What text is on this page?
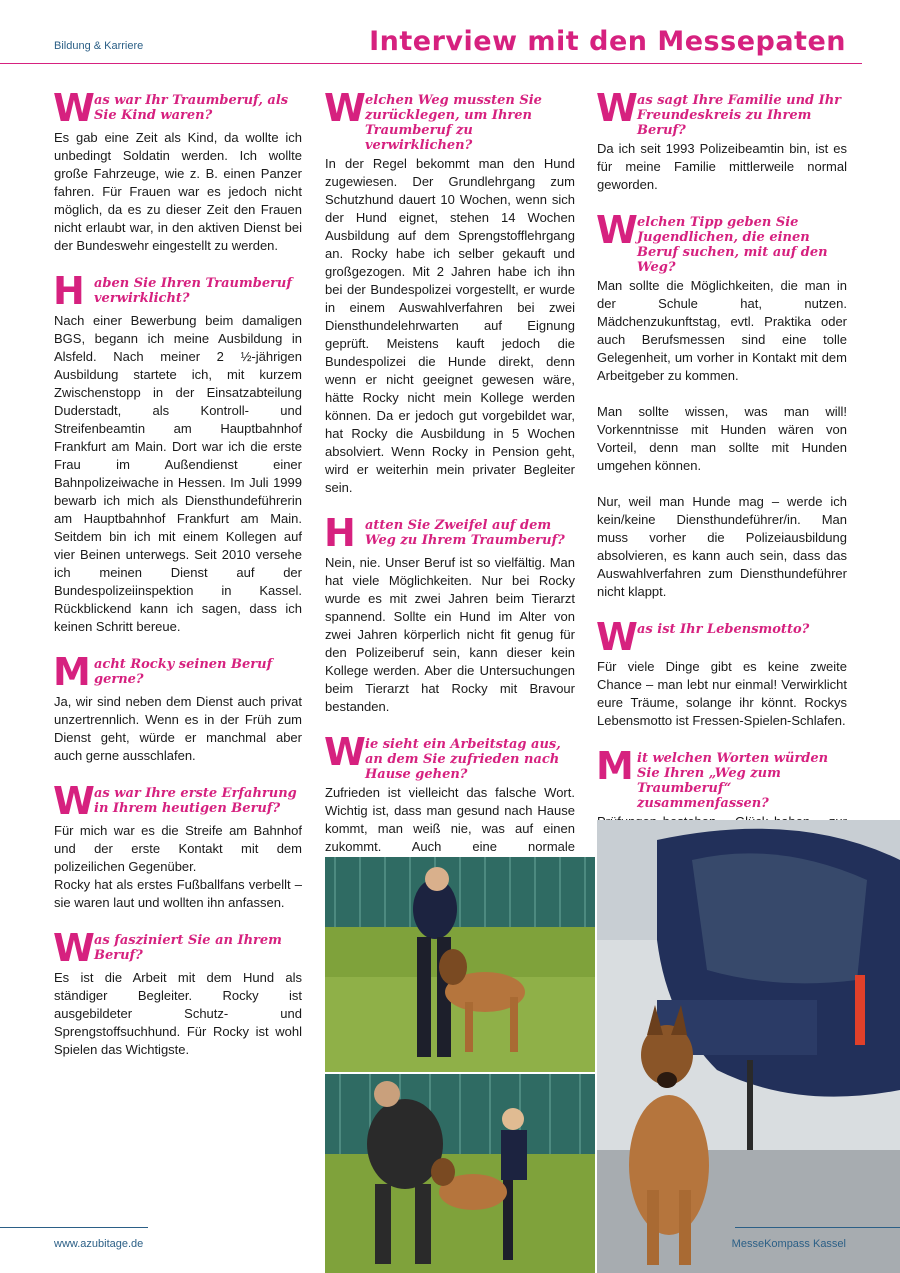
Bildung & Karriere	Interview mit den Messepaten
W as war Ihr Traumberuf, als Sie Kind waren?

Es gab eine Zeit als Kind, da wollte ich unbedingt Soldatin werden. Ich wollte große Fahrzeuge, wie z. B. einen Panzer fahren. Für Frauen war es jedoch nicht möglich, da es zu dieser Zeit den Frauen nicht erlaubt war, in den aktiven Dienst bei der Bundeswehr eingestellt zu werden.

H aben Sie Ihren Traumberuf verwirklicht?

Nach einer Bewerbung beim damaligen BGS, begann ich meine Ausbildung in Alsfeld. Nach meiner 2 ½-jährigen Ausbildung startete ich, mit kurzem Zwischenstopp in der Einsatzabteilung Duderstadt, als Kontroll- und Streifenbeamtin am Hauptbahnhof Frankfurt am Main. Dort war ich die erste Frau im Außendienst einer Bahnpolizeiwache in Hessen. Im Juli 1999 bewarb ich mich als Diensthundeführerin am Hauptbahnhof Frankfurt am Main. Seitdem bin ich mit einem Kollegen auf vier Beinen unterwegs. Seit 2010 versehe ich meinen Dienst auf der Bundespolizeiinspektion in Kassel. Rückblickend kann ich sagen, dass ich keinen Schritt bereue.

M acht Rocky seinen Beruf gerne?

Ja, wir sind neben dem Dienst auch privat unzertrennlich. Wenn es in der Früh zum Dienst geht, würde er manchmal aber auch gerne ausschlafen.

W as war Ihre erste Erfahrung in Ihrem heutigen Beruf?

Für mich war es die Streife am Bahnhof und der erste Kontakt mit dem polizeilichen Gegenüber.
Rocky hat als erstes Fußballfans verbellt – sie waren laut und wollten ihn anfassen.

W as fasziniert Sie an Ihrem Beruf?

Es ist die Arbeit mit dem Hund als ständiger Begleiter. Rocky ist ausgebildeter Schutz- und Sprengstoffsuchhund. Für Rocky ist wohl Spielen das Wichtigste.

W elchen Weg mussten Sie zurücklegen, um Ihren Traumberuf zu verwirklichen?

In der Regel bekommt man den Hund zugewiesen. Der Grundlehrgang zum Schutzhund dauert 10 Wochen, wenn sich der Hund eignet, stehen 14 Wochen Ausbildung auf dem Sprengstofflehrgang an. Rocky habe ich selber gekauft und großgezogen. Mit 2 Jahren habe ich ihn bei der Bundespolizei vorgestellt, er wurde in einem Auswahlverfahren bei zwei Diensthundelehrwarten auf Eignung geprüft. Meistens kauft jedoch die Bundespolizei die Hunde direkt, denn wenn er nicht geeignet gewesen wäre, hätte Rocky nicht mein Kollege werden können. Da er jedoch gut vorgebildet war, hat Rocky die Ausbildung in 5 Wochen absolviert. Wenn Rocky in Pension geht, wird er weiterhin mein privater Begleiter sein.

H atten Sie Zweifel auf dem Weg zu Ihrem Traumberuf?

Nein, nie. Unser Beruf ist so vielfältig. Man hat viele Möglichkeiten. Nur bei Rocky wurde es mit zwei Jahren beim Tierarzt spannend. Sollte ein Hund im Alter von zwei Jahren körperlich nicht fit genug für den Polizeiberuf sein, kann dieser kein Kollege werden. Aber die Untersuchungen beim Tierarzt hat Rocky mit Bravour bestanden.

W ie sieht ein Arbeitstag aus, an dem Sie zufrieden nach Hause gehen?

Zufrieden ist vielleicht das falsche Wort. Wichtig ist, dass man gesund nach Hause kommt, man weiß nie, was auf einen zukommt. Auch eine normale

W as sagt Ihre Familie und Ihr Freundeskreis zu Ihrem Beruf?

Da ich seit 1993 Polizeibeamtin bin, ist es für meine Familie mittlerweile normal geworden.

W elchen Tipp geben Sie Jugendlichen, die einen Beruf suchen, mit auf den Weg?

Man sollte die Möglichkeiten, die man in der Schule hat, nutzen. Mädchenzukunftstag, evtl. Praktika oder auch Berufsmessen sind eine tolle Gelegenheit, um vorher in Kontakt mit dem Arbeitgeber zu kommen.

Man sollte wissen, was man will! Vorkenntnisse mit Hunden wären von Vorteil, denn man sollte mit Hunden umgehen können.

Nur, weil man Hunde mag – werde ich kein/keine Diensthundeführer/in. Man muss vorher die Polizeiausbildung absolvieren, es kann auch sein, dass das Auswahlverfahren zum Diensthundeführer nicht klappt.

W as ist Ihr Lebensmotto?

Für viele Dinge gibt es keine zweite Chance – man lebt nur einmal! Verwirklicht eure Träume, solange ihr könnt. Rockys Lebensmotto ist Fressen-Spielen-Schlafen.

M it welchen Worten würden Sie Ihren „Weg zum Traumberuf“ zusammenfassen?

www.azubitage.de	MesseKompass Kassel
